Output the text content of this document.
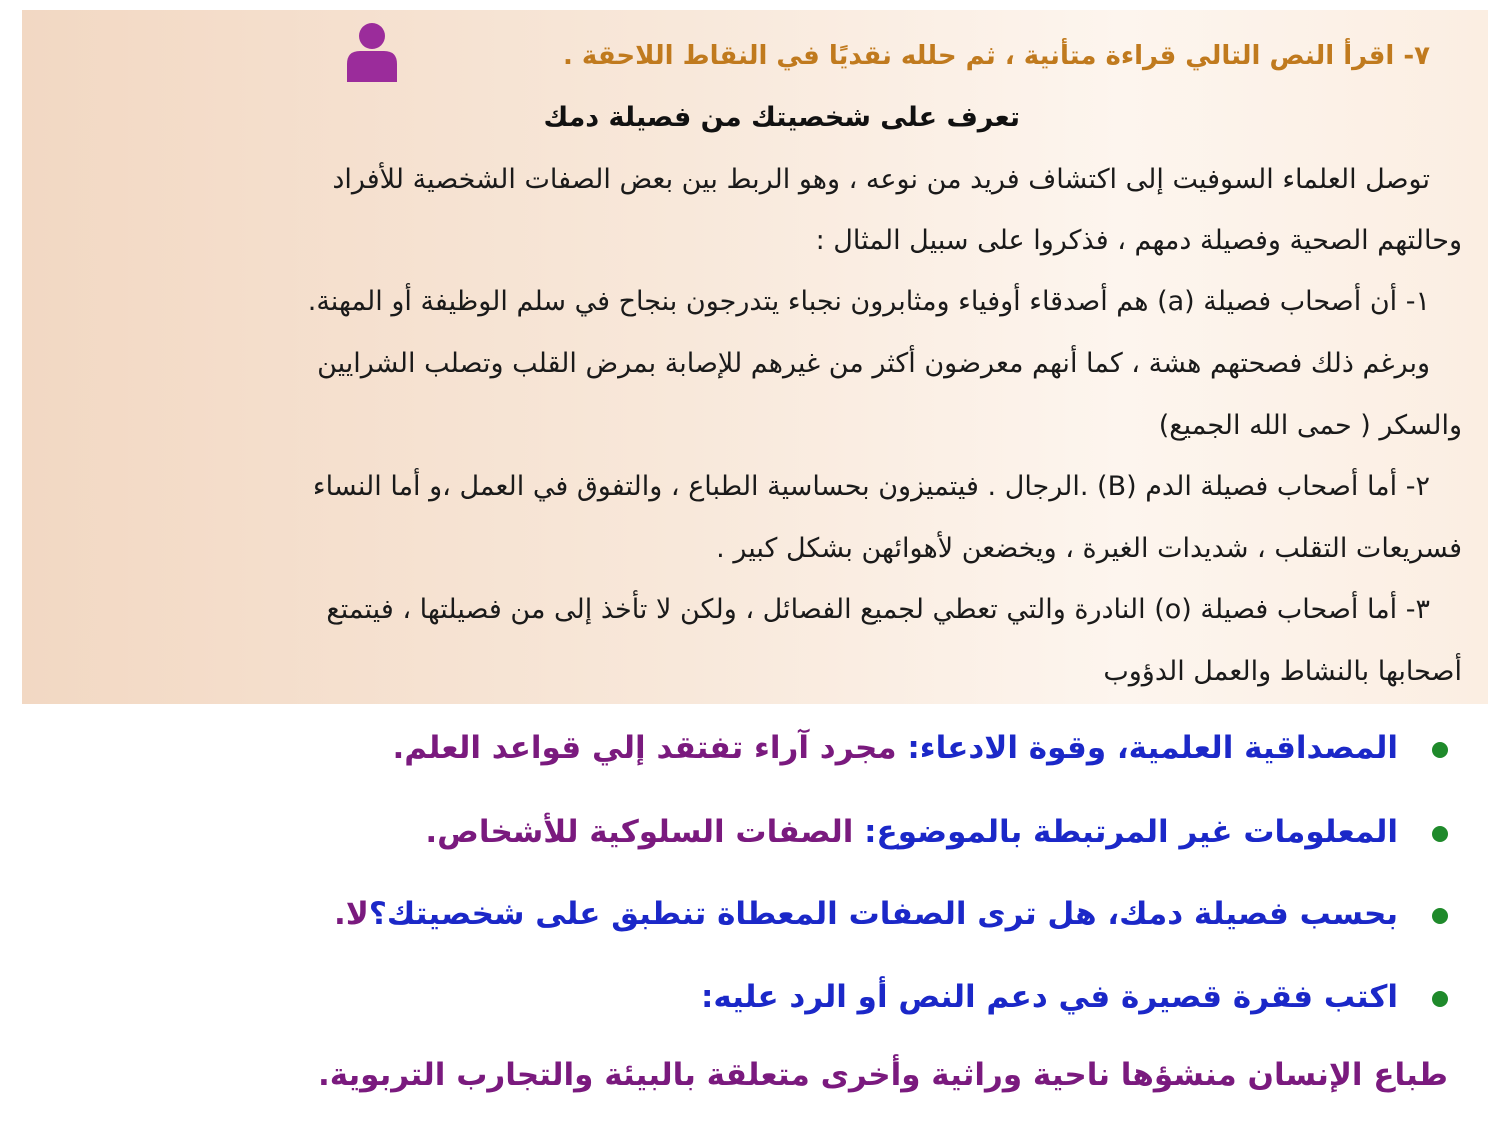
٧- اقرأ النص التالي قراءة متأنية ، ثم حلله نقديًا في النقاط اللاحقة .
تعرف على شخصيتك من فصيلة دمك
توصل العلماء السوفيت إلى اكتشاف فريد من نوعه ، وهو الربط بين بعض الصفات الشخصية للأفراد
وحالتهم الصحية وفصيلة دمهم ، فذكروا على سبيل المثال :
١- أن أصحاب فصيلة (a) هم أصدقاء أوفياء ومثابرون نجباء يتدرجون بنجاح في سلم الوظيفة أو المهنة.
وبرغم ذلك فصحتهم هشة ، كما أنهم معرضون أكثر من غيرهم للإصابة بمرض القلب وتصلب الشرايين
والسكر ( حمى الله الجميع)
٢- أما أصحاب فصيلة الدم (B) .الرجال . فيتميزون بحساسية الطباع ، والتفوق في العمل ،و أما النساء
فسريعات التقلب ، شديدات الغيرة ، ويخضعن لأهوائهن بشكل كبير .
٣- أما أصحاب فصيلة (o) النادرة والتي تعطي لجميع الفصائل ، ولكن لا تأخذ إلى من فصيلتها ، فيتمتع
أصحابها بالنشاط والعمل الدؤوب
المصداقية العلمية، وقوة الادعاء: مجرد آراء تفتقد إلي قواعد العلم.
المعلومات غير المرتبطة بالموضوع: الصفات السلوكية للأشخاص.
بحسب فصيلة دمك، هل ترى الصفات المعطاة تنطبق على شخصيتك؟لا.
اكتب فقرة قصيرة في دعم النص أو الرد عليه:
طباع الإنسان منشؤها ناحية وراثية وأخرى متعلقة بالبيئة والتجارب التربوية.
